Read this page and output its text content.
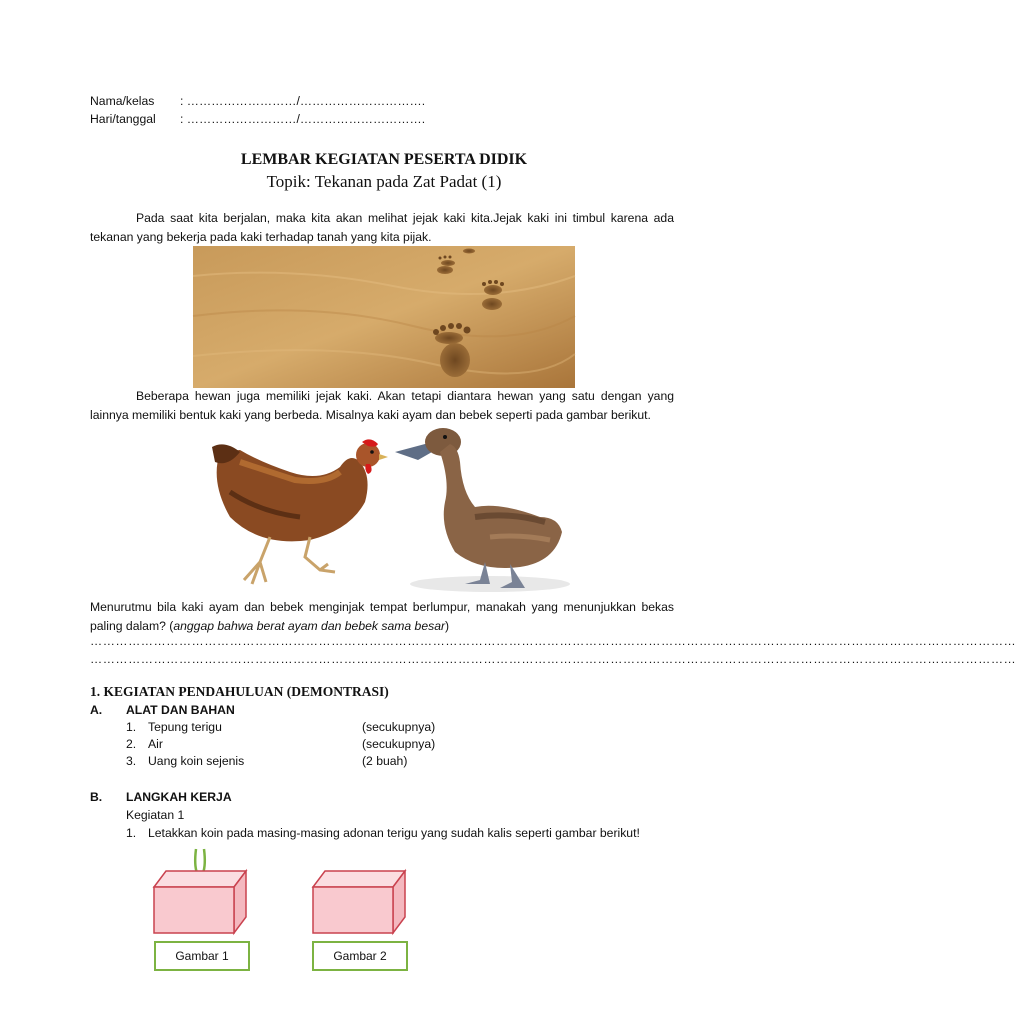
Nama/kelas : ………………………/………………………….
Hari/tanggal : ………………………/………………………….
LEMBAR KEGIATAN PESERTA DIDIK
Topik: Tekanan pada Zat Padat (1)
Pada saat kita berjalan, maka kita akan melihat jejak kaki kita.Jejak kaki ini timbul karena ada tekanan yang bekerja pada kaki terhadap tanah yang kita pijak.
Beberapa hewan juga memiliki jejak kaki. Akan tetapi diantara hewan yang satu dengan yang lainnya memiliki bentuk kaki yang berbeda. Misalnya kaki ayam dan bebek seperti pada gambar berikut.
Menurutmu bila kaki ayam dan bebek menginjak tempat berlumpur, manakah yang menunjukkan bekas paling dalam? (anggap bahwa berat ayam dan bebek sama besar)
…………………………………………………………………………………………………………………………………………………………………………………………………
…………………………………………………………………………………………………………………………………………………………………………………………………
1. KEGIATAN PENDAHULUAN (DEMONTRASI)
A. ALAT DAN BAHAN
1. Tepung terigu	(secukupnya)
2. Air	(secukupnya)
3. Uang koin sejenis	(2 buah)
B. LANGKAH KERJA
Kegiatan 1
1. Letakkan koin pada masing-masing adonan terigu yang sudah kalis seperti gambar berikut!
Gambar 1	Gambar 2
